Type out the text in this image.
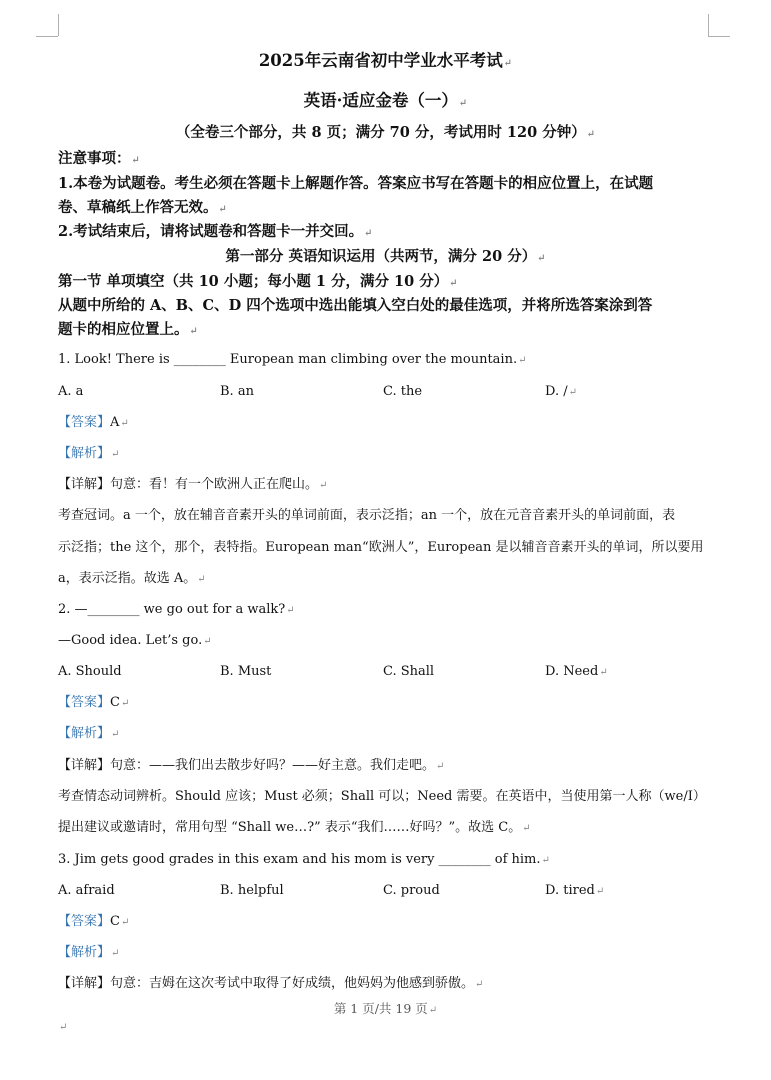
2025年云南省初中学业水平考试↵
英语·适应金卷（一）↵
（全卷三个部分，共 8 页；满分 70 分，考试用时 120 分钟）↵
注意事项：↵
1.本卷为试题卷。考生必须在答题卡上解题作答。答案应书写在答题卡的相应位置上，在试题
卷、草稿纸上作答无效。↵
2.考试结束后，请将试题卷和答题卡一并交回。↵
第一部分 英语知识运用（共两节，满分 20 分）↵
第一节 单项填空（共 10 小题；每小题 1 分，满分 10 分）↵
从题中所给的 A、B、C、D 四个选项中选出能填入空白处的最佳选项，并将所选答案涂到答
题卡的相应位置上。↵
1. Look! There is ________ European man climbing over the mountain.↵
A. a	B. an	C. the	D. /↵
【答案】A↵
【解析】↵
【详解】句意：看！有一个欧洲人正在爬山。↵
考查冠词。a 一个，放在辅音音素开头的单词前面，表示泛指；an 一个，放在元音音素开头的单词前面，表
示泛指；the 这个，那个，表特指。European man“欧洲人”，European 是以辅音音素开头的单词，所以要用
a，表示泛指。故选 A。↵
2. —________ we go out for a walk?↵
—Good idea. Let’s go.↵
A. Should	B. Must	C. Shall	D. Need↵
【答案】C↵
【解析】↵
【详解】句意：——我们出去散步好吗？——好主意。我们走吧。↵
考查情态动词辨析。Should 应该；Must 必须；Shall 可以；Need 需要。在英语中，当使用第一人称（we/I）
提出建议或邀请时，常用句型 “Shall we…?” 表示“我们……好吗？”。故选 C。↵
3. Jim gets good grades in this exam and his mom is very ________ of him.↵
A. afraid	B. helpful	C. proud	D. tired↵
【答案】C↵
【解析】↵
【详解】句意：吉姆在这次考试中取得了好成绩，他妈妈为他感到骄傲。↵
第 1 页/共 19 页↵
↵
